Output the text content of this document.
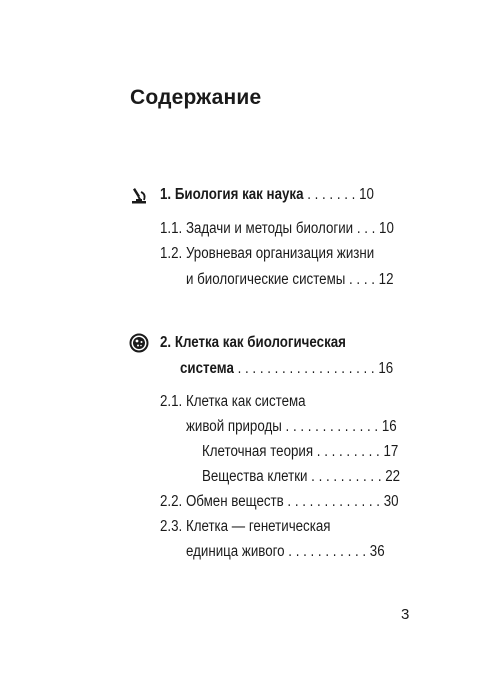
Содержание
1. Биология как наука . . . . . . . 10
1.1. Задачи и методы биологии . . . 10
1.2. Уровневая организация жизни
и биологические системы . . . . 12
2. Клетка как биологическая
система . . . . . . . . . . . . . . . . . . . 16
2.1. Клетка как система
живой природы . . . . . . . . . . . . . 16
Клеточная теория . . . . . . . . . 17
Вещества клетки . . . . . . . . . . 22
2.2. Обмен веществ . . . . . . . . . . . . . 30
2.3. Клетка — генетическая
единица живого . . . . . . . . . . . 36
3
